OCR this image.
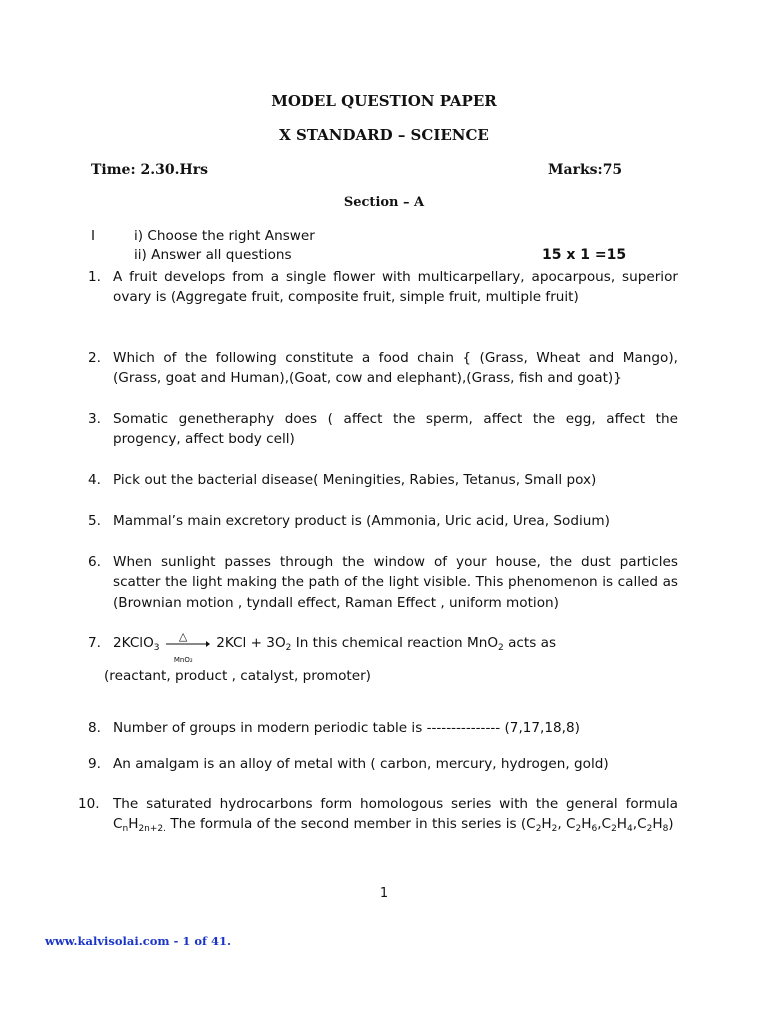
MODEL QUESTION PAPER
X STANDARD – SCIENCE
Time: 2.30.Hrs	Marks:75
Section – A
I	i) Choose the right Answer
ii) Answer all questions	15 x 1 =15
1. A fruit develops from a single flower with multicarpellary, apocarpous, superior ovary is (Aggregate fruit, composite fruit, simple fruit, multiple fruit)
2. Which of the following constitute a food chain { (Grass, Wheat and Mango), (Grass, goat and Human),(Goat, cow and elephant),(Grass, fish and goat)}
3. Somatic genetheraphy does ( affect the sperm, affect the egg, affect the progency, affect body cell)
4. Pick out the bacterial disease( Meningities, Rabies, Tetanus, Small pox)
5. Mammal’s main excretory product is (Ammonia, Uric acid, Urea, Sodium)
6. When sunlight passes through the window of your house, the dust particles scatter the light making the path of the light visible. This phenomenon is called as (Brownian motion , tyndall effect, Raman Effect , uniform motion)
7. 2KClO$_3$
△
MnO₂
$2KCl + 3O_2$ In this chemical reaction MnO$_2$ acts as
(reactant, product , catalyst, promoter)
8. Number of groups in modern periodic table is --------------- (7,17,18,8)
9. An amalgam is an alloy of metal with ( carbon, mercury, hydrogen, gold)
10. The saturated hydrocarbons form homologous series with the general formula $C_nH_{2n+2.}$ The formula of the second member in this series is ($C_2H_2$, $C_2H_6,C_2H_4,C_2H_8$)
1
www.kalvisolai.com - 1 of 41.
